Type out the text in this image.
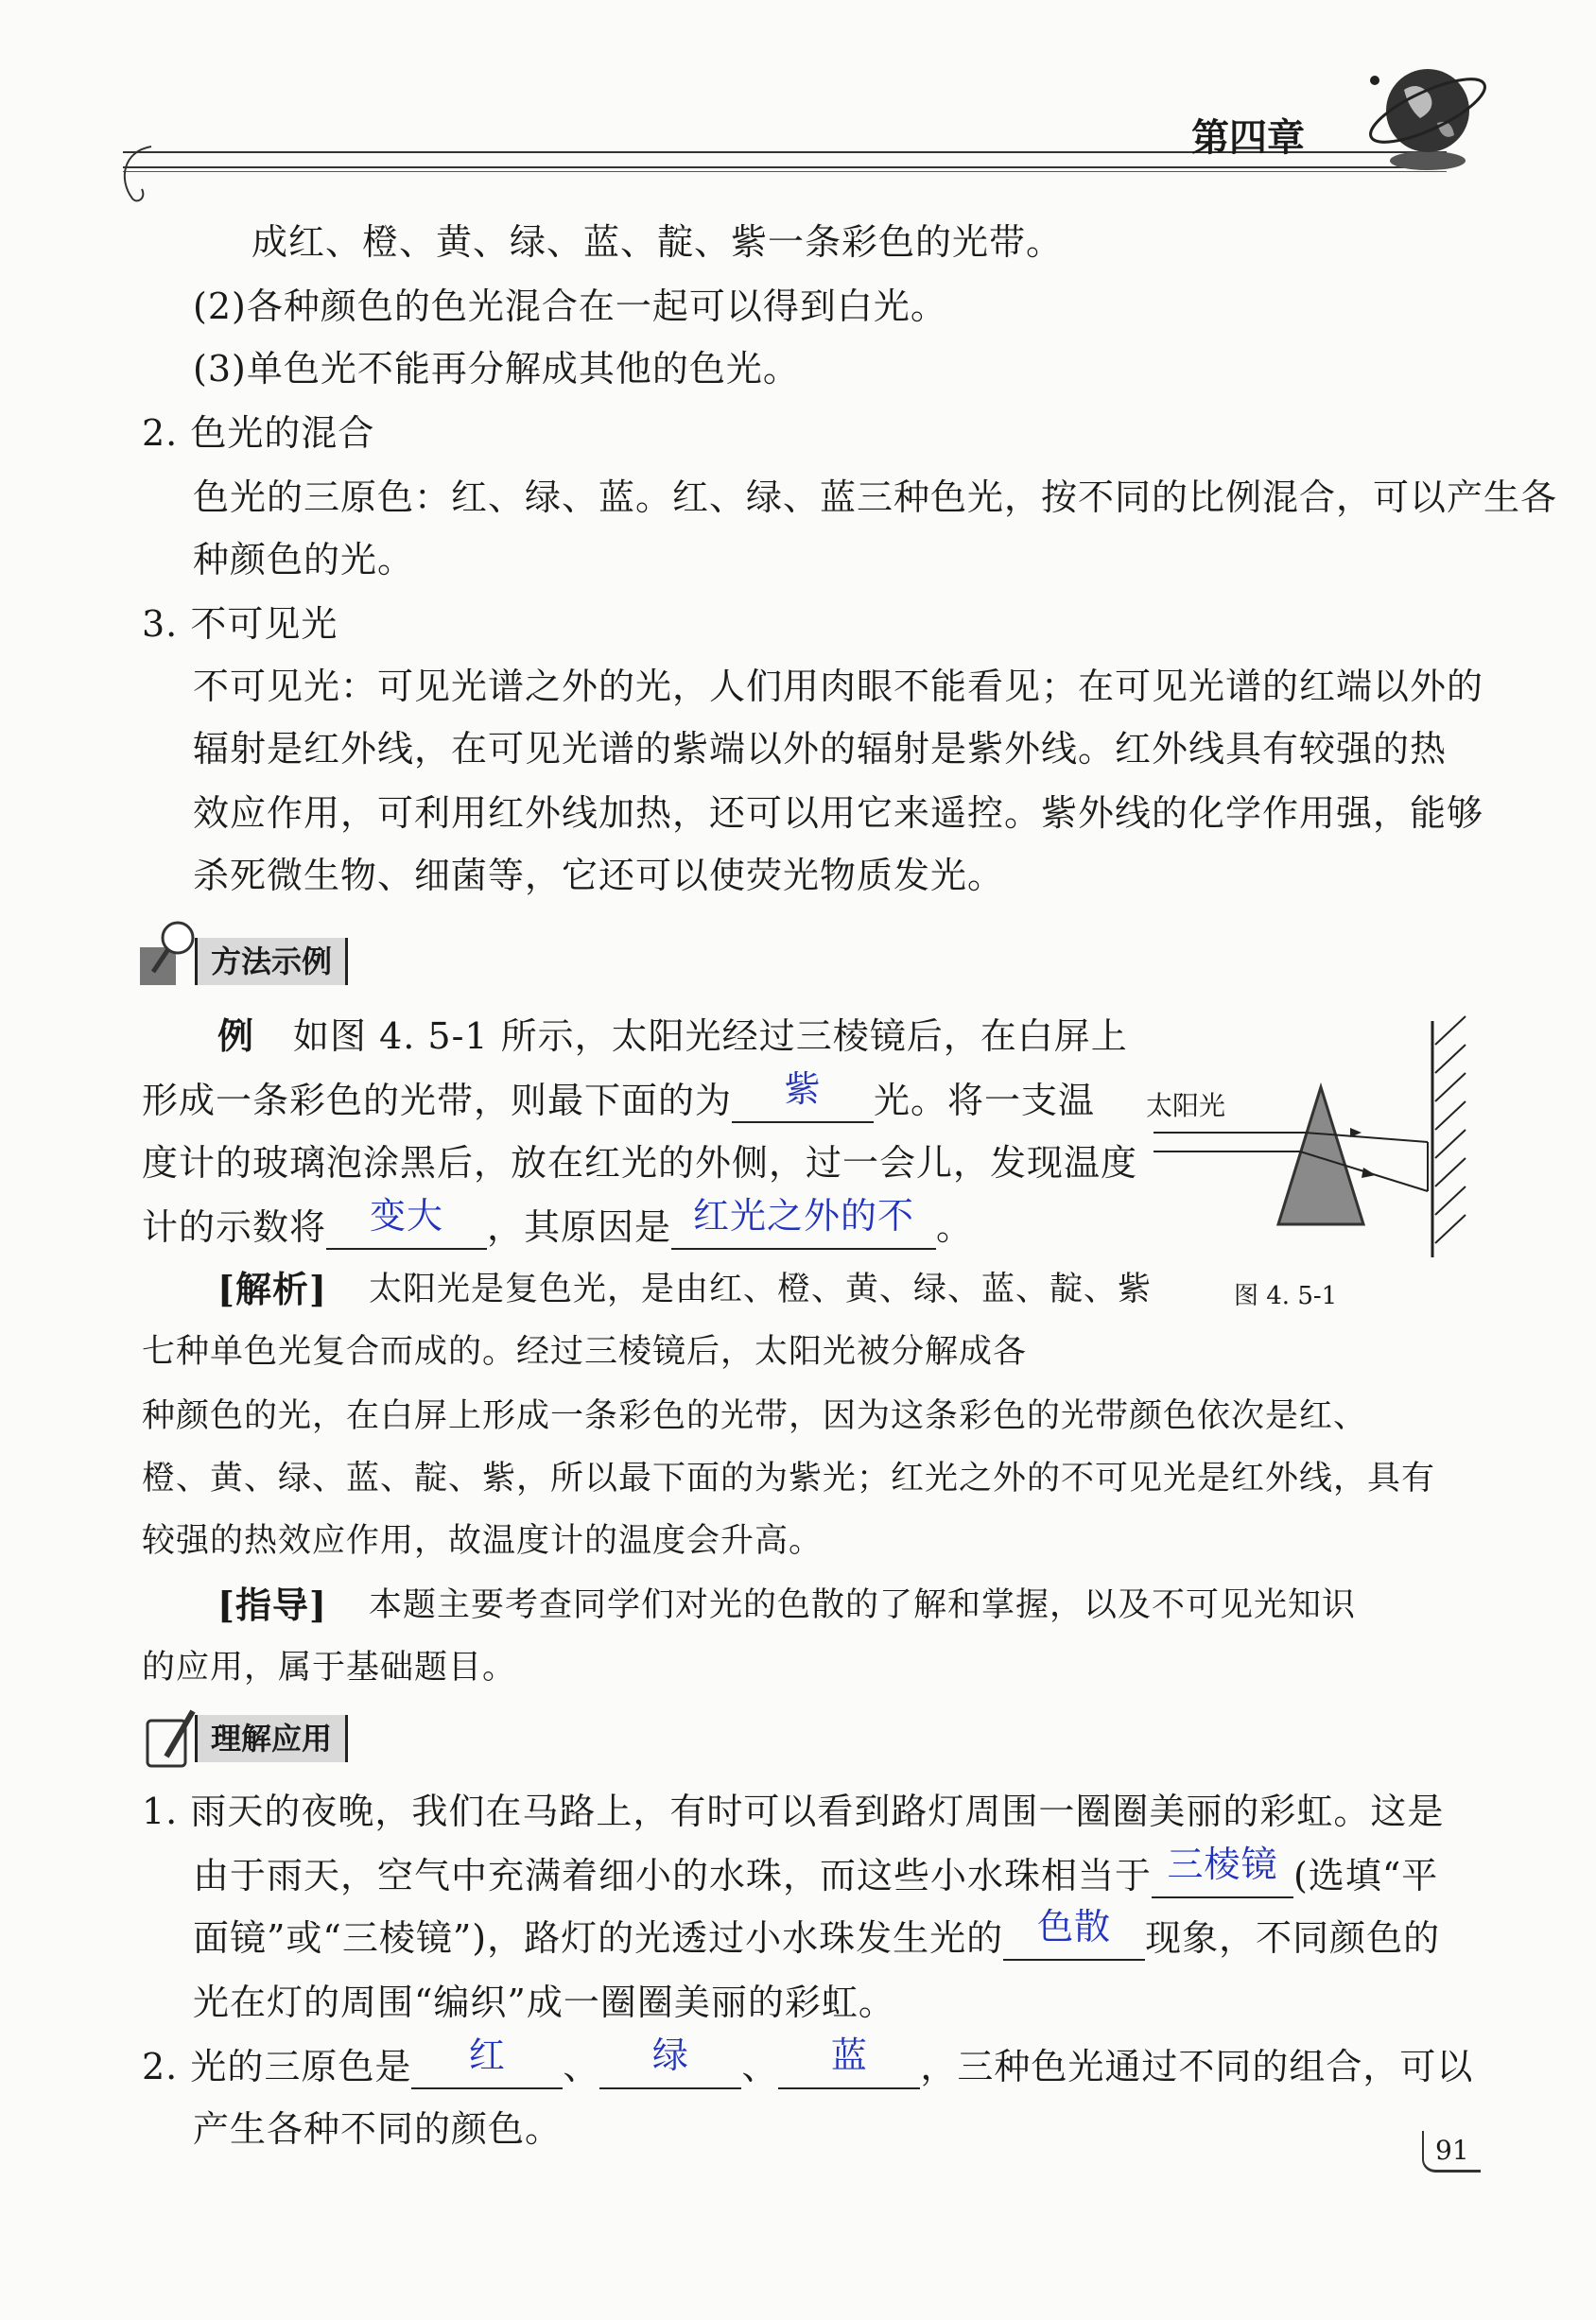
第四章
成红、橙、黄、绿、蓝、靛、紫一条彩色的光带。
(2)各种颜色的色光混合在一起可以得到白光。
(3)单色光不能再分解成其他的色光。
2. 色光的混合
色光的三原色：红、绿、蓝。红、绿、蓝三种色光，按不同的比例混合，可以产生各
种颜色的光。
3. 不可见光
不可见光：可见光谱之外的光，人们用肉眼不能看见；在可见光谱的红端以外的
辐射是红外线，在可见光谱的紫端以外的辐射是紫外线。红外线具有较强的热
效应作用，可利用红外线加热，还可以用它来遥控。紫外线的化学作用强，能够
杀死微生物、细菌等，它还可以使荧光物质发光。
方法示例
例 如图 4. 5-1 所示，太阳光经过三棱镜后，在白屏上
形成一条彩色的光带，则最下面的为	紫	光。将一支温
度计的玻璃泡涂黑后，放在红光的外侧，过一会儿，发现温度
计的示数将	变大	，其原因是 红光之外的不 。
太阳光
图 4. 5-1
[解析] 太阳光是复色光，是由红、橙、黄、绿、蓝、靛、紫
七种单色光复合而成的。经过三棱镜后，太阳光被分解成各
种颜色的光，在白屏上形成一条彩色的光带，因为这条彩色的光带颜色依次是红、
橙、黄、绿、蓝、靛、紫，所以最下面的为紫光；红光之外的不可见光是红外线，具有
较强的热效应作用，故温度计的温度会升高。
[指导] 本题主要考查同学们对光的色散的了解和掌握，以及不可见光知识
的应用，属于基础题目。
理解应用
1. 雨天的夜晚，我们在马路上，有时可以看到路灯周围一圈圈美丽的彩虹。这是
由于雨天，空气中充满着细小的水珠，而这些小水珠相当于 三棱镜 (选填“平
面镜”或“三棱镜”)，路灯的光透过小水珠发生光的 色散 现象，不同颜色的
光在灯的周围“编织”成一圈圈美丽的彩虹。
2. 光的三原色是	红	、	绿	、	蓝	，三种色光通过不同的组合，可以
产生各种不同的颜色。
91
